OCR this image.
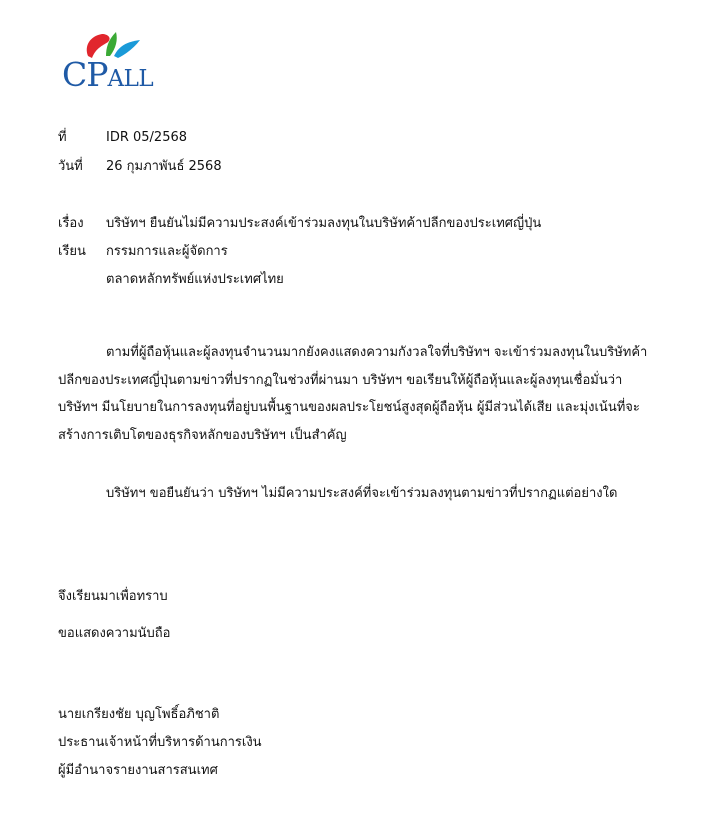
CPALL
ที่	IDR 05/2568
วันที่ 26 กุมภาพันธ์ 2568
เรื่อง บริษัทฯ ยืนยันไม่มีความประสงค์เข้าร่วมลงทุนในบริษัทค้าปลีกของประเทศญี่ปุ่น
เรียน กรรมการและผู้จัดการ
ตลาดหลักทรัพย์แห่งประเทศไทย
ตามที่ผู้ถือหุ้นและผู้ลงทุนจำนวนมากยังคงแสดงความกังวลใจที่บริษัทฯ จะเข้าร่วมลงทุนในบริษัทค้า
ปลีกของประเทศญี่ปุ่นตามข่าวที่ปรากฏในช่วงที่ผ่านมา บริษัทฯ ขอเรียนให้ผู้ถือหุ้นและผู้ลงทุนเชื่อมั่นว่า
บริษัทฯ มีนโยบายในการลงทุนที่อยู่บนพื้นฐานของผลประโยชน์สูงสุดผู้ถือหุ้น ผู้มีส่วนได้เสีย และมุ่งเน้นที่จะ
สร้างการเติบโตของธุรกิจหลักของบริษัทฯ เป็นสำคัญ
บริษัทฯ ขอยืนยันว่า บริษัทฯ ไม่มีความประสงค์ที่จะเข้าร่วมลงทุนตามข่าวที่ปรากฏแต่อย่างใด
จึงเรียนมาเพื่อทราบ
ขอแสดงความนับถือ
นายเกรียงชัย บุญโพธิ์อภิชาติ
ประธานเจ้าหน้าที่บริหารด้านการเงิน
ผู้มีอำนาจรายงานสารสนเทศ
